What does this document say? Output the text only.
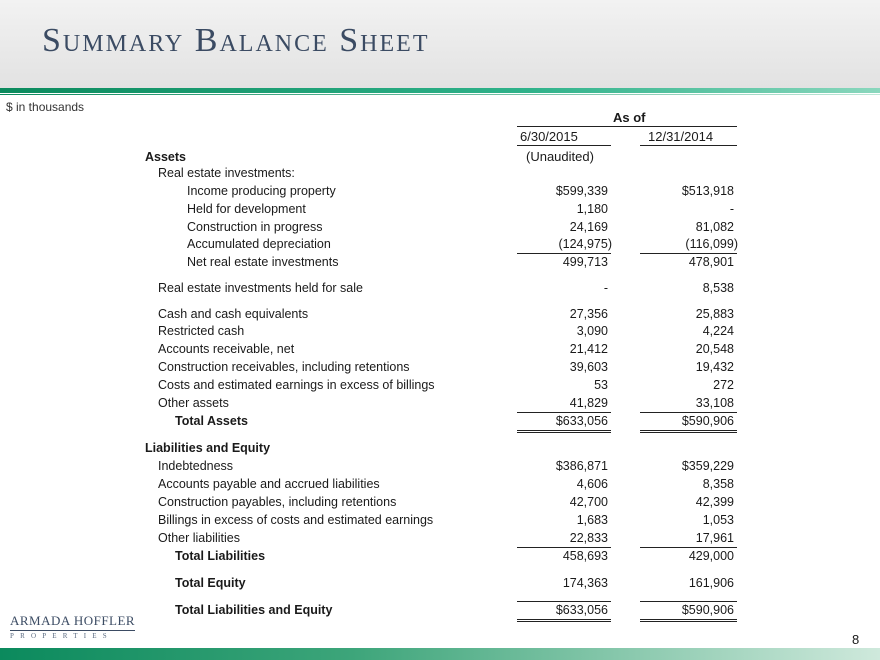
Summary Balance Sheet
$ in thousands
As of
6/30/2015	12/31/2014
(Unaudited)
Assets
Real estate investments:
Income producing property	$599,339	$513,918
Held for development	1,180	-
Construction in progress	24,169	81,082
Accumulated depreciation	(124,975)	(116,099)
Net real estate investments	499,713	478,901
Real estate investments held for sale	-	8,538
Cash and cash equivalents	27,356	25,883
Restricted cash	3,090	4,224
Accounts receivable, net	21,412	20,548
Construction receivables, including retentions	39,603	19,432
Costs and estimated earnings in excess of billings	53	272
Other assets	41,829	33,108
Total Assets	$633,056	$590,906
Liabilities and Equity
Indebtedness	$386,871	$359,229
Accounts payable and accrued liabilities	4,606	8,358
Construction payables, including retentions	42,700	42,399
Billings in excess of costs and estimated earnings	1,683	1,053
Other liabilities	22,833	17,961
Total Liabilities	458,693	429,000
Total Equity	174,363	161,906
Total Liabilities and Equity	$633,056	$590,906
ARMADA HOFFLER
PROPERTIES	8
